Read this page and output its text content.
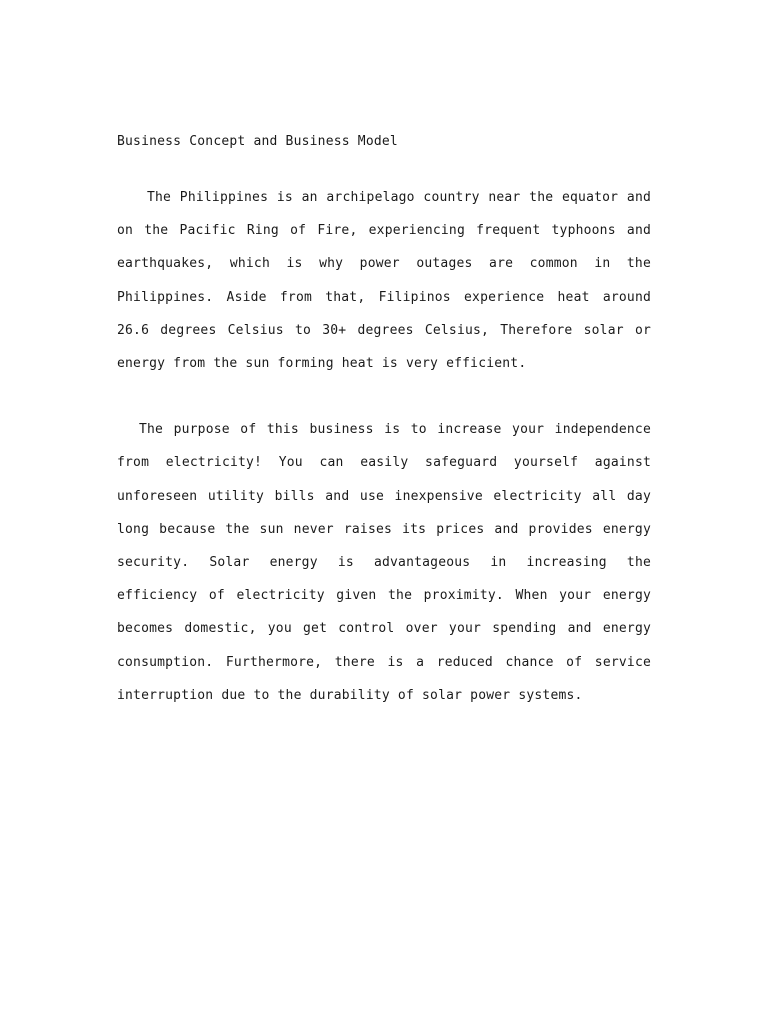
Business Concept and Business Model

The Philippines is an archipelago country near the equator and on the Pacific Ring of Fire, experiencing frequent typhoons and earthquakes, which is why power outages are common in the Philippines. Aside from that, Filipinos experience heat around 26.6 degrees Celsius to 30+ degrees Celsius, Therefore solar or energy from the sun forming heat is very efficient.

The purpose of this business is to increase your independence from electricity! You can easily safeguard yourself against unforeseen utility bills and use inexpensive electricity all day long because the sun never raises its prices and provides energy security. Solar energy is advantageous in increasing the efficiency of electricity given the proximity. When your energy becomes domestic, you get control over your spending and energy consumption. Furthermore, there is a reduced chance of service interruption due to the durability of solar power systems.
